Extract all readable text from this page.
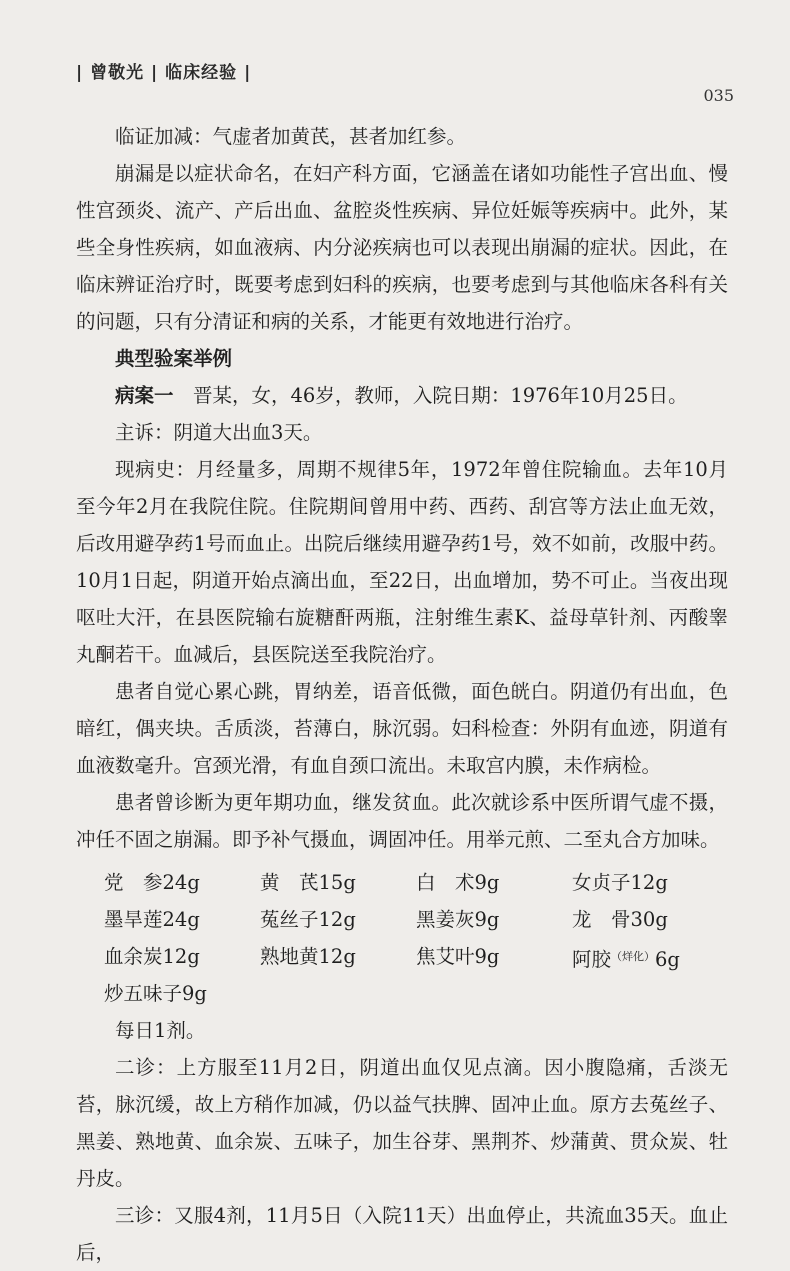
| 曾敬光 | 临床经验 |
035

临证加减：气虚者加黄芪，甚者加红参。

崩漏是以症状命名，在妇产科方面，它涵盖在诸如功能性子宫出血、慢性宫颈炎、流产、产后出血、盆腔炎性疾病、异位妊娠等疾病中。此外，某些全身性疾病，如血液病、内分泌疾病也可以表现出崩漏的症状。因此，在临床辨证治疗时，既要考虑到妇科的疾病，也要考虑到与其他临床各科有关的问题，只有分清证和病的关系，才能更有效地进行治疗。

典型验案举例

病案一　晋某，女，46岁，教师，入院日期：1976年10月25日。

主诉：阴道大出血3天。

现病史：月经量多，周期不规律5年，1972年曾住院输血。去年10月至今年2月在我院住院。住院期间曾用中药、西药、刮宫等方法止血无效，后改用避孕药1号而血止。出院后继续用避孕药1号，效不如前，改服中药。10月1日起，阴道开始点滴出血，至22日，出血增加，势不可止。当夜出现呕吐大汗，在县医院输右旋糖酐两瓶，注射维生素K、益母草针剂、丙酸睾丸酮若干。血减后，县医院送至我院治疗。

患者自觉心累心跳，胃纳差，语音低微，面色㿠白。阴道仍有出血，色暗红，偶夹块。舌质淡，苔薄白，脉沉弱。妇科检查：外阴有血迹，阴道有血液数毫升。宫颈光滑，有血自颈口流出。未取宫内膜，未作病检。

患者曾诊断为更年期功血，继发贫血。此次就诊系中医所谓气虚不摄，冲任不固之崩漏。即予补气摄血，调固冲任。用举元煎、二至丸合方加味。

党　参24g	黄　芪15g	白　术9g	女贞子12g
墨旱莲24g	菟丝子12g	黑姜灰9g	龙　骨30g
血余炭12g	熟地黄12g	焦艾叶9g	阿胶$^{(烊化)}$6g
炒五味子9g

每日1剂。

二诊：上方服至11月2日，阴道出血仅见点滴。因小腹隐痛，舌淡无苔，脉沉缓，故上方稍作加减，仍以益气扶脾、固冲止血。原方去菟丝子、黑姜、熟地黄、血余炭、五味子，加生谷芽、黑荆芥、炒蒲黄、贯众炭、牡丹皮。

三诊：又服4剂，11月5日（入院11天）出血停止，共流血35天。血止后，
